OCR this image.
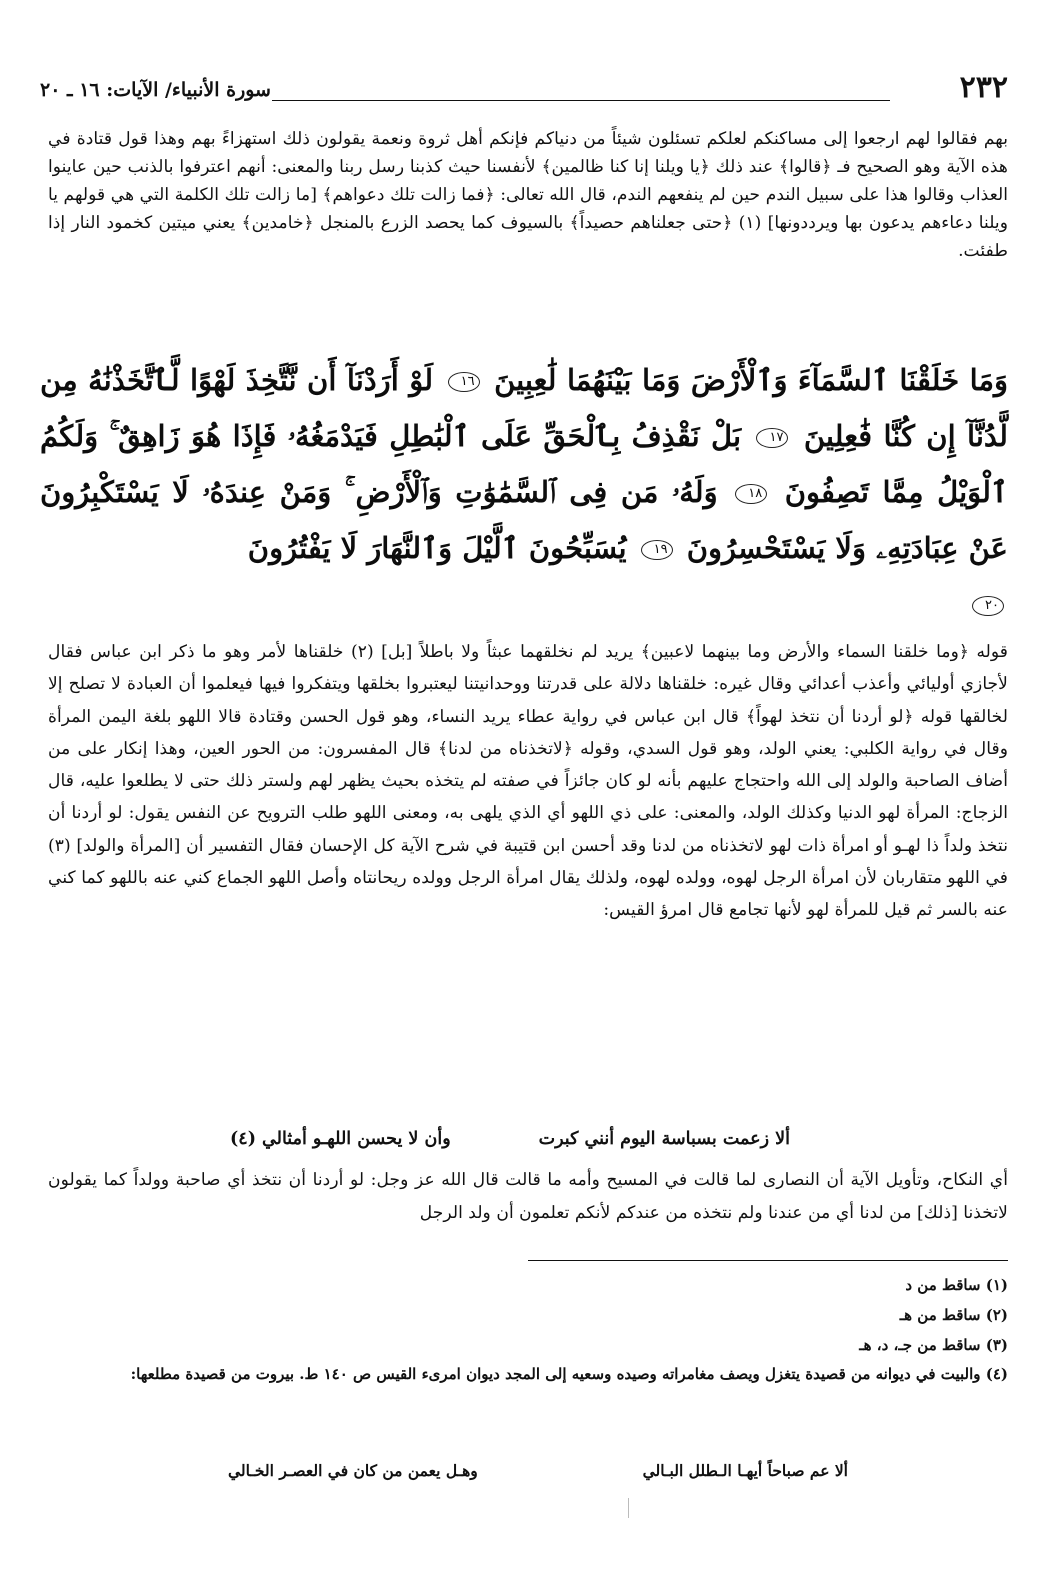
٢٣٢
سورة الأنبياء/ الآيات: ١٦ ـ ٢٠

بهم فقالوا لهم ارجعوا إلى مساكنكم لعلكم تسئلون شيئاً من دنياكم فإنكم أهل ثروة ونعمة يقولون ذلك استهزاءً بهم وهذا قول قتادة في هذه الآية وهو الصحيح فـ ﴿قالوا﴾ عند ذلك ﴿يا ويلنا إنا كنا ظالمين﴾ لأنفسنا حيث كذبنا رسل ربنا والمعنى: أنهم اعترفوا بالذنب حين عاينوا العذاب وقالوا هذا على سبيل الندم حين لم ينفعهم الندم، قال الله تعالى: ﴿فما زالت تلك دعواهم﴾ [ما زالت تلك الكلمة التي هي قولهم يا ويلنا دعاءهم يدعون بها ويرددونها] (١) ﴿حتى جعلناهم حصيداً﴾ بالسيوف كما يحصد الزرع بالمنجل ﴿خامدين﴾ يعني ميتين كخمود النار إذا طفئت.

وَمَا خَلَقْنَا ٱلسَّمَآءَ وَٱلْأَرْضَ وَمَا بَيْنَهُمَا لَٰعِبِينَ ١٦ لَوْ أَرَدْنَآ أَن نَّتَّخِذَ لَهْوًا لَّٱتَّخَذْنَٰهُ مِن لَّدُنَّآ إِن كُنَّا فَٰعِلِينَ ١٧ بَلْ نَقْذِفُ بِٱلْحَقِّ عَلَى ٱلْبَٰطِلِ فَيَدْمَغُهُۥ فَإِذَا هُوَ زَاهِقٌ ۚ وَلَكُمُ ٱلْوَيْلُ مِمَّا تَصِفُونَ ١٨ وَلَهُۥ مَن فِى ٱلسَّمَٰوَٰتِ وَٱلْأَرْضِ ۚ وَمَنْ عِندَهُۥ لَا يَسْتَكْبِرُونَ عَنْ عِبَادَتِهِۦ وَلَا يَسْتَحْسِرُونَ ١٩ يُسَبِّحُونَ ٱلَّيْلَ وَٱلنَّهَارَ لَا يَفْتُرُونَ

٢٠

قوله ﴿وما خلقنا السماء والأرض وما بينهما لاعبين﴾ يريد لم نخلقهما عبثاً ولا باطلاً [بل] (٢) خلقناها لأمر وهو ما ذكر ابن عباس فقال لأجازي أوليائي وأعذب أعدائي وقال غيره: خلقناها دلالة على قدرتنا ووحدانيتنا ليعتبروا بخلقها ويتفكروا فيها فيعلموا أن العبادة لا تصلح إلا لخالقها قوله ﴿لو أردنا أن نتخذ لهواً﴾ قال ابن عباس في رواية عطاء يريد النساء، وهو قول الحسن وقتادة قالا اللهو بلغة اليمن المرأة وقال في رواية الكلبي: يعني الولد، وهو قول السدي، وقوله ﴿لاتخذناه من لدنا﴾ قال المفسرون: من الحور العين، وهذا إنكار على من أضاف الصاحبة والولد إلى الله واحتجاج عليهم بأنه لو كان جائزاً في صفته لم يتخذه بحيث يظهر لهم ولستر ذلك حتى لا يطلعوا عليه، قال الزجاج: المرأة لهو الدنيا وكذلك الولد، والمعنى: على ذي اللهو أي الذي يلهى به، ومعنى اللهو طلب الترويح عن النفس يقول: لو أردنا أن نتخذ ولداً ذا لهـو أو امرأة ذات لهو لاتخذناه من لدنا وقد أحسن ابن قتيبة في شرح الآية كل الإحسان فقال التفسير أن [المرأة والولد] (٣) في اللهو متقاربان لأن امرأة الرجل لهوه، وولده لهوه، ولذلك يقال امرأة الرجل وولده ريحانتاه وأصل اللهو الجماع كني عنه باللهو كما كني عنه بالسر ثم قيل للمرأة لهو لأنها تجامع قال امرؤ القيس:

ألا زعمت بسباسة اليوم أنني كبرت
وأن لا يحسن اللهـو أمثالي (٤)

أي النكاح، وتأويل الآية أن النصارى لما قالت في المسيح وأمه ما قالت قال الله عز وجل: لو أردنا أن نتخذ أي صاحبة وولداً كما يقولون لاتخذنا [ذلك] من لدنا أي من عندنا ولم نتخذه من عندكم لأنكم تعلمون أن ولد الرجل

(١) ساقط من د

(٢) ساقط من هـ

(٣) ساقط من جـ، د، هـ

(٤) والبيت في ديوانه من قصيدة يتغزل ويصف مغامراته وصيده وسعيه إلى المجد ديوان امرىء القيس ص ١٤٠ ط. بيروت من قصيدة مطلعها:

ألا عم صباحاً أيهـا الـطلل البـالي
وهـل يعمن من كان في العصـر الخـالي
